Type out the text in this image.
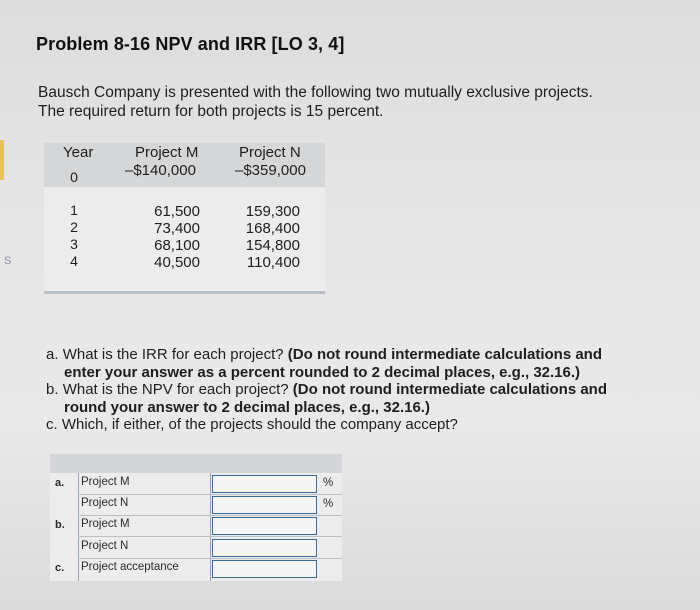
S
Problem 8-16 NPV and IRR [LO 3, 4]
Bausch Company is presented with the following two mutually exclusive projects.
The required return for both projects is 15 percent.
Year	Project M	Project N
0	–$140,000	–$359,000
1	61,500	159,300
2	73,400	168,400
3	68,100	154,800
4	40,500	110,400
a. What is the IRR for each project? (Do not round intermediate calculations and
enter your answer as a percent rounded to 2 decimal places, e.g., 32.16.)
b. What is the NPV for each project? (Do not round intermediate calculations and
round your answer to 2 decimal places, e.g., 32.16.)
c. Which, if either, of the projects should the company accept?
a. Project M	%
Project N	%
b. Project M
Project N
c. Project acceptance
